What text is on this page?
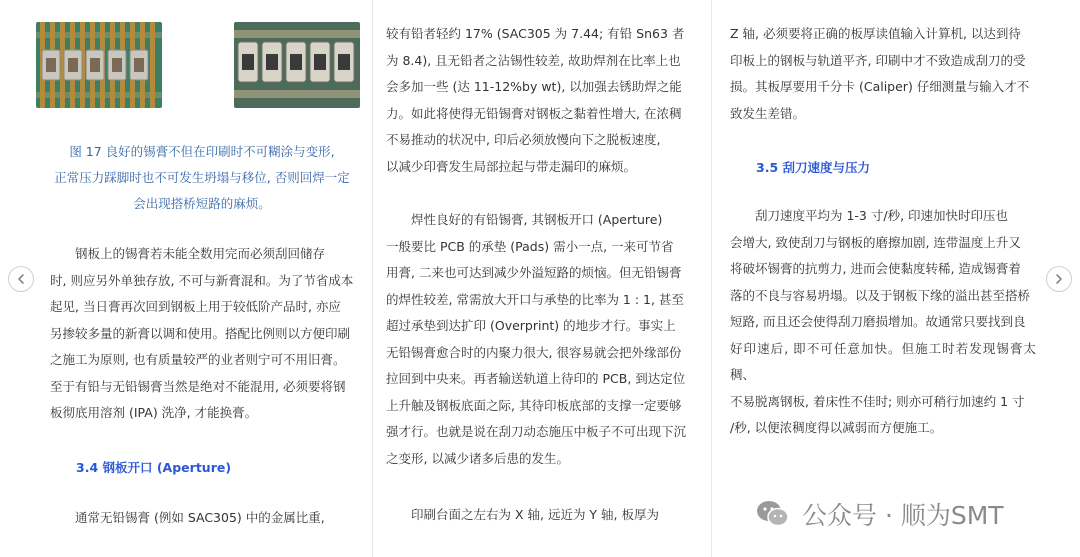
图 17 良好的锡膏不但在印刷时不可糊涂与变形,
正常压力踩脚时也不可发生坍塌与移位, 否则回焊一定
会出现搭桥短路的麻烦。

钢板上的锡膏若未能全数用完而必须刮回储存

时, 则应另外单独存放, 不可与新膏混和。为了节省成本

起见, 当日膏再次回到钢板上用于较低阶产品时, 亦应

另掺较多量的新膏以调和使用。搭配比例则以方便印刷

之施工为原则, 也有质量较严的业者则宁可不用旧膏。

至于有铅与无铅锡膏当然是绝对不能混用, 必须要将钢

板彻底用溶剂 (IPA) 洗净, 才能换膏。

3.4 钢板开口 (Aperture)

通常无铅锡膏 (例如 SAC305) 中的金属比重,

较有铅者轻约 17% (SAC305 为 7.44; 有铅 Sn63 者

为 8.4), 且无铅者之沾锡性较差, 故助焊剂在比率上也

会多加一些 (达 11-12%by wt), 以加强去锈助焊之能

力。如此将使得无铅锡膏对钢板之黏着性增大, 在浓稠

不易推动的状况中, 印后必须放慢向下之脱板速度,

以减少印膏发生局部拉起与带走漏印的麻烦。

焊性良好的有铅锡膏, 其钢板开口 (Aperture)

一般要比 PCB 的承垫 (Pads) 需小一点, 一来可节省

用膏, 二来也可达到减少外溢短路的烦恼。但无铅锡膏

的焊性较差, 常需放大开口与承垫的比率为 1 : 1, 甚至

超过承垫到达扩印 (Overprint) 的地步才行。事实上

无铅锡膏愈合时的内聚力很大, 很容易就会把外缘部份

拉回到中央来。再者输送轨道上待印的 PCB, 到达定位

上升触及钢板底面之际, 其待印板底部的支撑一定要够

强才行。也就是说在刮刀动态施压中板子不可出现下沉

之变形, 以减少诸多后患的发生。

印刷台面之左右为 X 轴, 远近为 Y 轴, 板厚为

Z 轴, 必须要将正确的板厚读值输入计算机, 以达到待

印板上的钢板与轨道平齐, 印刷中才不致造成刮刀的受

损。其板厚要用千分卡 (Caliper) 仔细测量与输入才不

致发生差错。

3.5 刮刀速度与压力

刮刀速度平均为 1-3 寸/秒, 印速加快时印压也

会增大, 致使刮刀与钢板的磨擦加剧, 连带温度上升又

将破坏锡膏的抗剪力, 进而会使黏度转稀, 造成锡膏着

落的不良与容易坍塌。以及于钢板下缘的溢出甚至搭桥

短路, 而且还会使得刮刀磨损增加。故通常只要找到良

好印速后, 即不可任意加快。但施工时若发现锡膏太稠、

不易脱离钢板, 着床性不佳时; 则亦可稍行加速约 1 寸

/秒, 以便浓稠度得以减弱而方便施工。

公众号 · 顺为SMT
